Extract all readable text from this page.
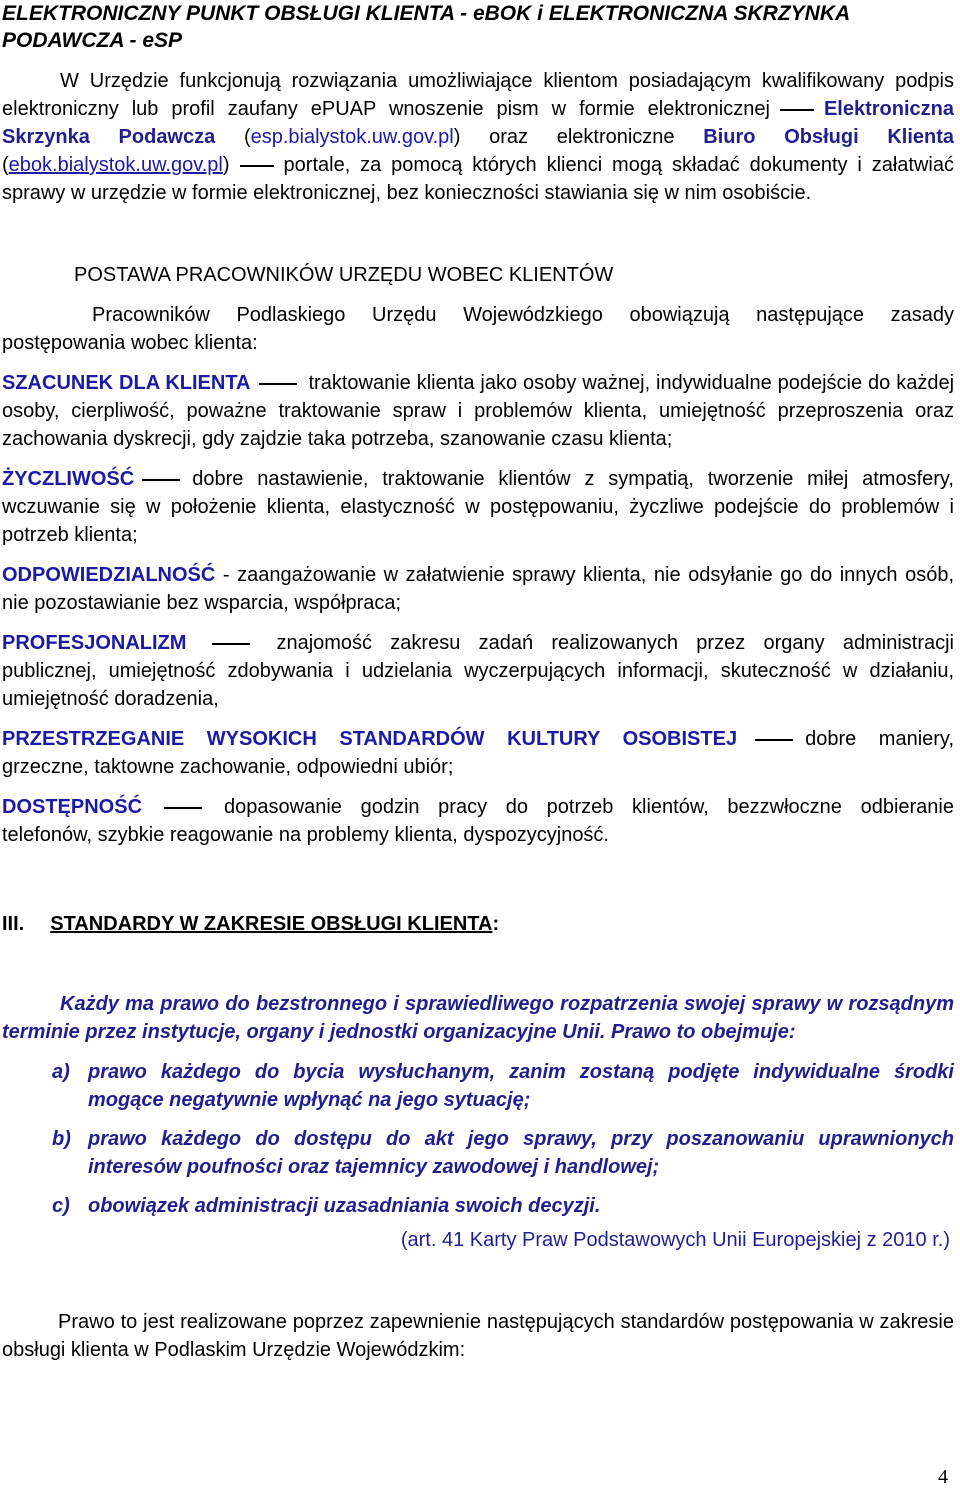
ELEKTRONICZNY PUNKT OBSŁUGI KLIENTA - eBOK i ELEKTRONICZNA SKRZYNKA PODAWCZA - eSP

W Urzędzie funkcjonują rozwiązania umożliwiające klientom posiadającym kwalifikowany podpis elektroniczny lub profil zaufany ePUAP wnoszenie pism w formie elektronicznej	Elektroniczna Skrzynka Podawcza (esp.bialystok.uw.gov.pl) oraz elektroniczne Biuro Obsługi Klienta (ebok.bialystok.uw.gov.pl)	portale, za pomocą których klienci mogą składać dokumenty i załatwiać sprawy w urzędzie w formie elektronicznej, bez konieczności stawiania się w nim osobiście.

POSTAWA PRACOWNIKÓW URZĘDU WOBEC KLIENTÓW

Pracowników Podlaskiego Urzędu Wojewódzkiego obowiązują następujące zasady postępowania wobec klienta:

SZACUNEK DLA KLIENTA	traktowanie klienta jako osoby ważnej, indywidualne podejście do każdej osoby, cierpliwość, poważne traktowanie spraw i problemów klienta, umiejętność przeproszenia oraz zachowania dyskrecji, gdy zajdzie taka potrzeba, szanowanie czasu klienta;

ŻYCZLIWOŚĆ	dobre nastawienie, traktowanie klientów z sympatią, tworzenie miłej atmosfery, wczuwanie się w położenie klienta, elastyczność w postępowaniu, życzliwe podejście do problemów i potrzeb klienta;

ODPOWIEDZIALNOŚĆ - zaangażowanie w załatwienie sprawy klienta, nie odsyłanie go do innych osób, nie pozostawianie bez wsparcia, współpraca;

PROFESJONALIZM	znajomość zakresu zadań realizowanych przez organy administracji publicznej, umiejętność zdobywania i udzielania wyczerpujących informacji, skuteczność w działaniu, umiejętność doradzenia,

PRZESTRZEGANIE WYSOKICH STANDARDÓW KULTURY OSOBISTEJ	dobre maniery, grzeczne, taktowne zachowanie, odpowiedni ubiór;

DOSTĘPNOŚĆ	dopasowanie godzin pracy do potrzeb klientów, bezzwłoczne odbieranie telefonów, szybkie reagowanie na problemy klienta, dyspozycyjność.

III. STANDARDY W ZAKRESIE OBSŁUGI KLIENTA:

Każdy ma prawo do bezstronnego i sprawiedliwego rozpatrzenia swojej sprawy w rozsądnym terminie przez instytucje, organy i jednostki organizacyjne Unii. Prawo to obejmuje:

a) prawo każdego do bycia wysłuchanym, zanim zostaną podjęte indywidualne środki mogące negatywnie wpłynąć na jego sytuację;
b) prawo każdego do dostępu do akt jego sprawy, przy poszanowaniu uprawnionych interesów poufności oraz tajemnicy zawodowej i handlowej;
c) obowiązek administracji uzasadniania swoich decyzji.

(art. 41 Karty Praw Podstawowych Unii Europejskiej z 2010 r.)

Prawo to jest realizowane poprzez zapewnienie następujących standardów postępowania w zakresie obsługi klienta w Podlaskim Urzędzie Wojewódzkim:

4
